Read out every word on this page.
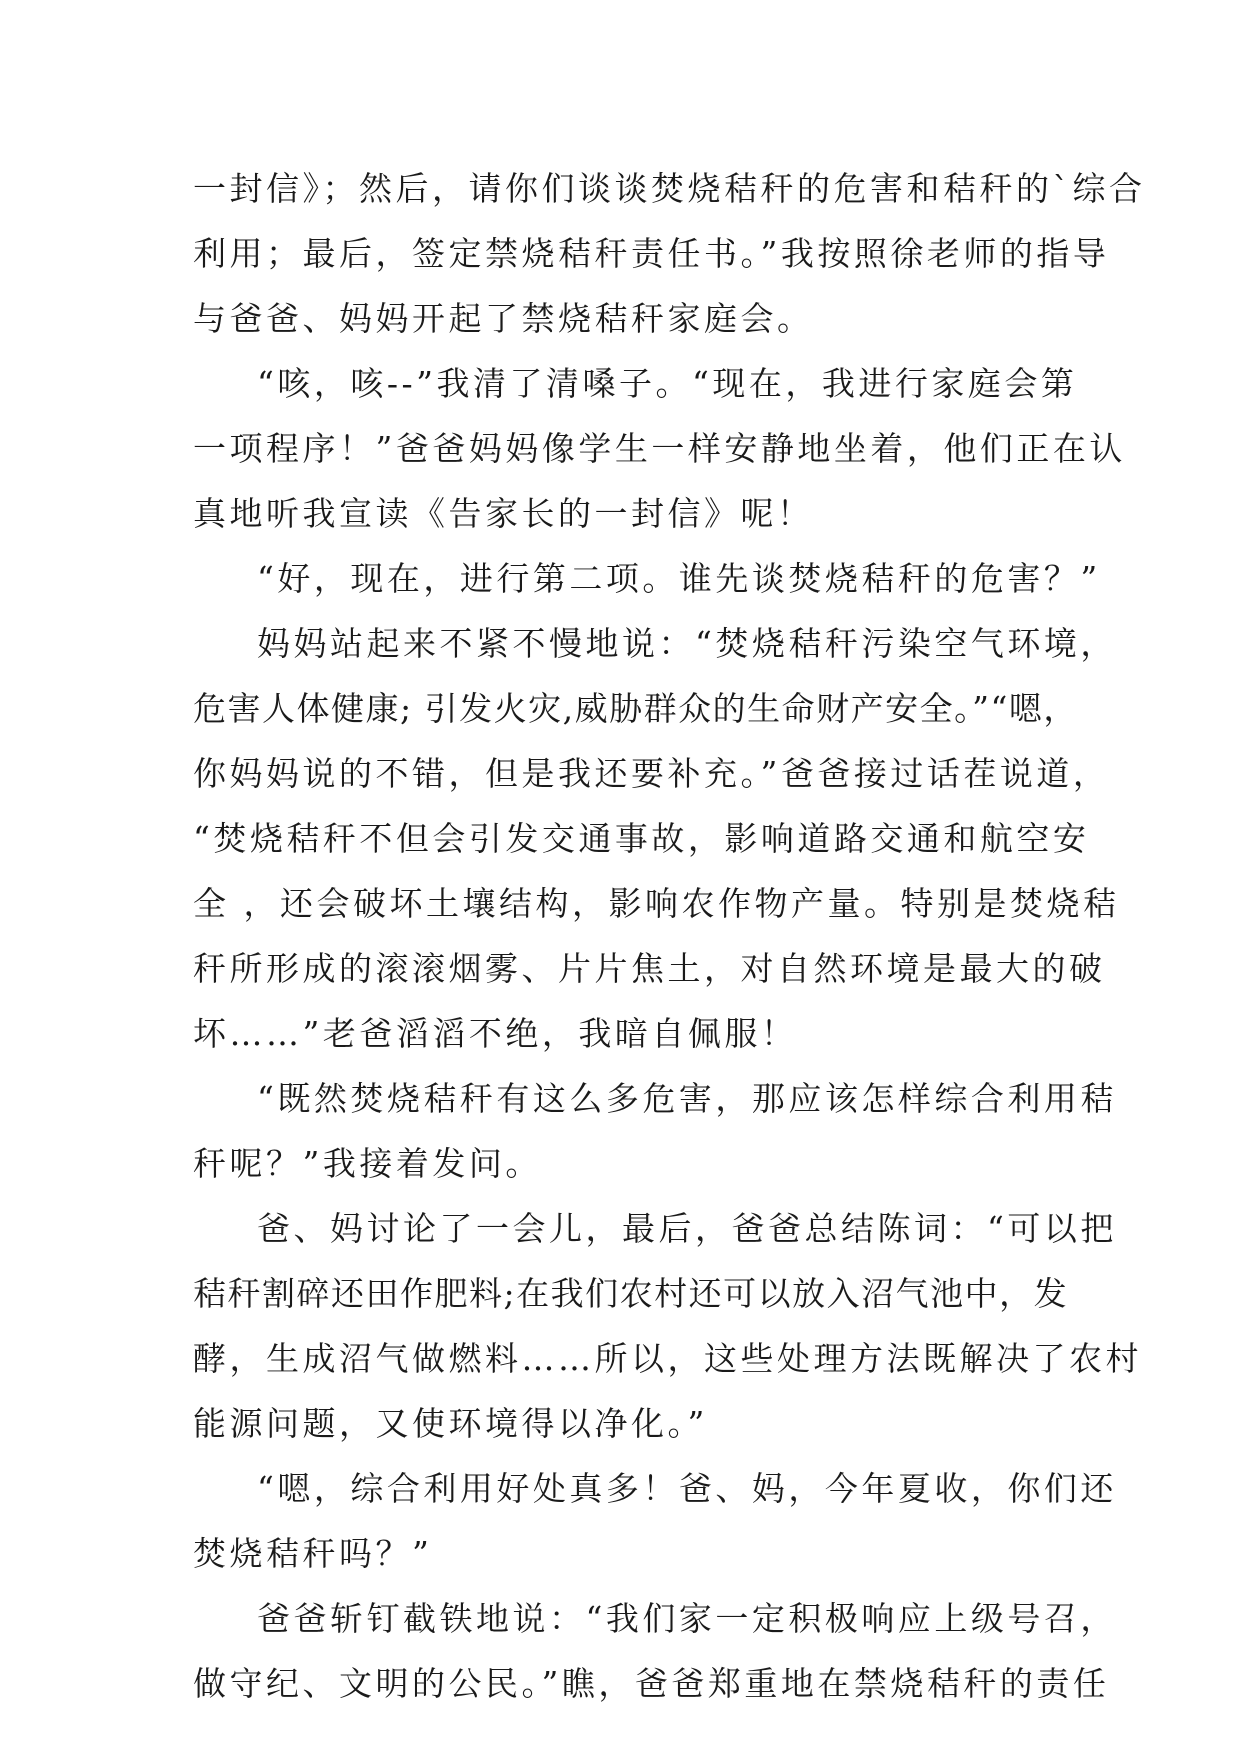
一封信》；然后，请你们谈谈焚烧秸秆的危害和秸秆的`综合
利用；最后，签定禁烧秸秆责任书。”我按照徐老师的指导
与爸爸、妈妈开起了禁烧秸秆家庭会。
“咳，咳--”我清了清嗓子。“现在，我进行家庭会第
一项程序！”爸爸妈妈像学生一样安静地坐着，他们正在认
真地听我宣读《告家长的一封信》呢！
“好，现在，进行第二项。谁先谈焚烧秸秆的危害？”
妈妈站起来不紧不慢地说：“焚烧秸秆污染空气环境，
危害人体健康; 引发火灾,威胁群众的生命财产安全。”“嗯，
你妈妈说的不错，但是我还要补充。”爸爸接过话茬说道，
“焚烧秸秆不但会引发交通事故，影响道路交通和航空安
全 ，还会破坏土壤结构，影响农作物产量。特别是焚烧秸
秆所形成的滚滚烟雾、片片焦土，对自然环境是最大的破
坏……”老爸滔滔不绝，我暗自佩服！
“既然焚烧秸秆有这么多危害，那应该怎样综合利用秸
秆呢？”我接着发问。
爸、妈讨论了一会儿，最后，爸爸总结陈词：“可以把
秸秆割碎还田作肥料;在我们农村还可以放入沼气池中，发
酵，生成沼气做燃料……所以，这些处理方法既解决了农村
能源问题，又使环境得以净化。”
“嗯，综合利用好处真多！爸、妈，今年夏收，你们还
焚烧秸秆吗？”
爸爸斩钉截铁地说：“我们家一定积极响应上级号召，
做守纪、文明的公民。”瞧，爸爸郑重地在禁烧秸秆的责任
